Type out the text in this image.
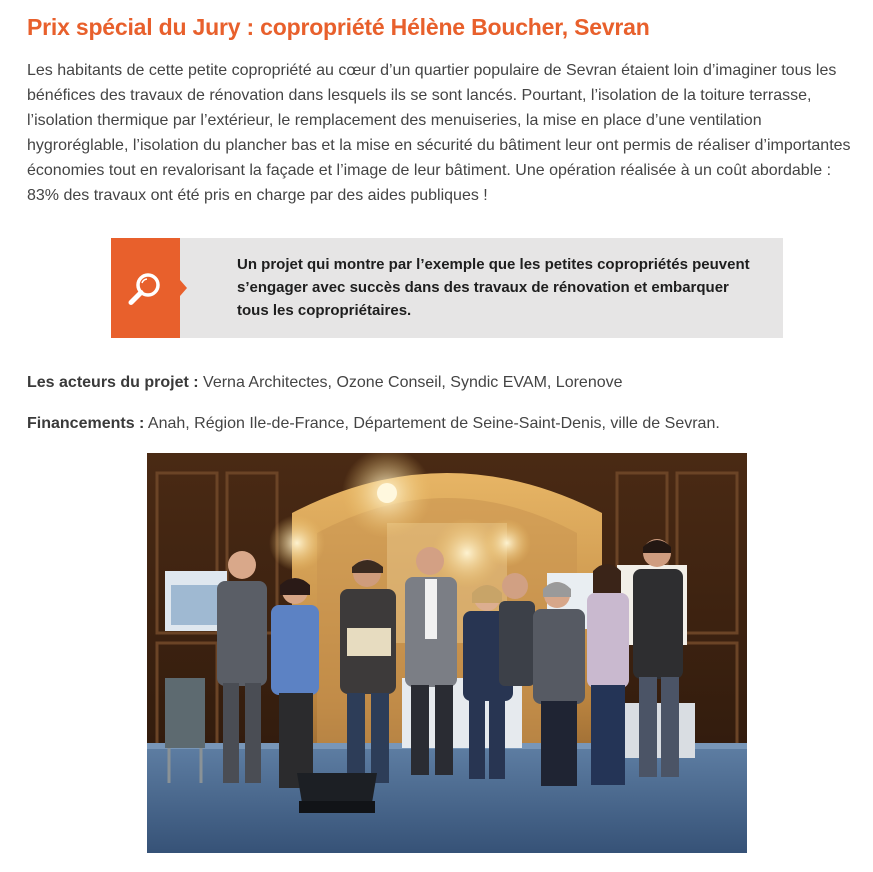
Prix spécial du Jury : copropriété Hélène Boucher, Sevran

Les habitants de cette petite copropriété au cœur d’un quartier populaire de Sevran étaient loin d’imaginer tous les bénéfices des travaux de rénovation dans lesquels ils se sont lancés. Pourtant, l’isolation de la toiture terrasse, l’isolation thermique par l’extérieur, le remplacement des menuiseries, la mise en place d’une ventilation hygroréglable, l’isolation du plancher bas et la mise en sécurité du bâtiment leur ont permis de réaliser d’importantes économies tout en revalorisant la façade et l’image de leur bâtiment. Une opération réalisée à un coût abordable : 83% des travaux ont été pris en charge par des aides publiques !

Un projet qui montre par l’exemple que les petites copropriétés peuvent s’engager avec succès dans des travaux de rénovation et embarquer tous les copropriétaires.

Les acteurs du projet : Verna Architectes, Ozone Conseil, Syndic EVAM, Lorenove

Financements : Anah, Région Ile-de-France, Département de Seine-Saint-Denis, ville de Sevran.
